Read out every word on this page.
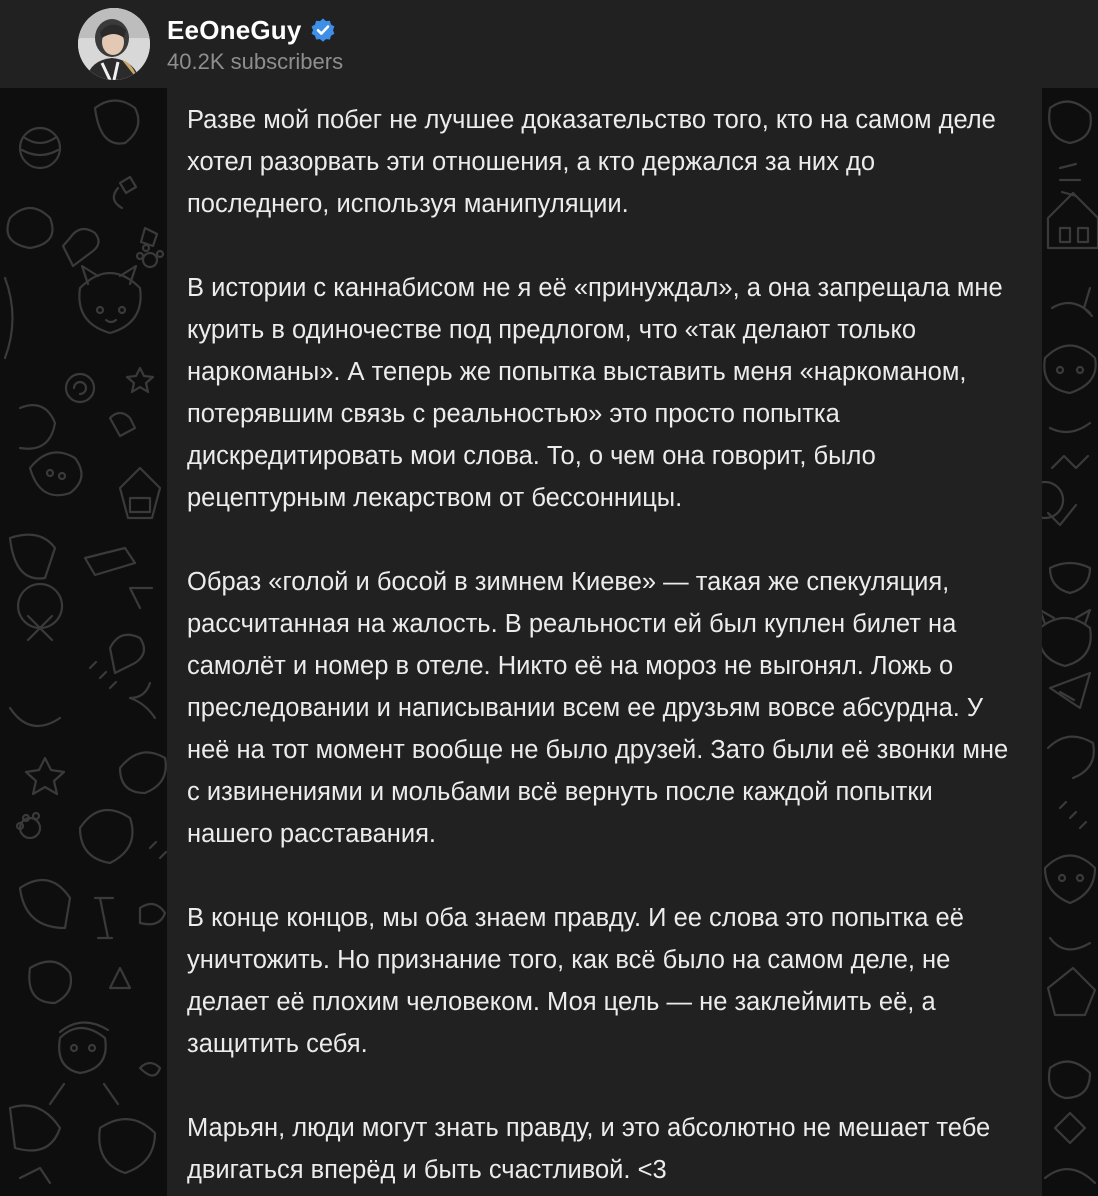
EeOneGuy
40.2K subscribers

Разве мой побег не лучшее доказательство того, кто на самом деле хотел разорвать эти отношения, а кто держался за них до последнего, используя манипуляции.

В истории с каннабисом не я её «принуждал», а она запрещала мне курить в одиночестве под предлогом, что «так делают только наркоманы». А теперь же попытка выставить меня «наркоманом, потерявшим связь с реальностью» это просто попытка дискредитировать мои слова. То, о чем она говорит, было рецептурным лекарством от бессонницы.

Образ «голой и босой в зимнем Киеве» — такая же спекуляция, рассчитанная на жалость. В реальности ей был куплен билет на самолёт и номер в отеле. Никто её на мороз не выгонял. Ложь о преследовании и написывании всем ее друзьям вовсе абсурдна. У неё на тот момент вообще не было друзей. Зато были её звонки мне с извинениями и мольбами всё вернуть после каждой попытки нашего расставания.

В конце концов, мы оба знаем правду. И ее слова это попытка её уничтожить. Но признание того, как всё было на самом деле, не делает её плохим человеком. Моя цель — не заклеймить её, а защитить себя.

Марьян, люди могут знать правду, и это абсолютно не мешает тебе двигаться вперёд и быть счастливой. <3
